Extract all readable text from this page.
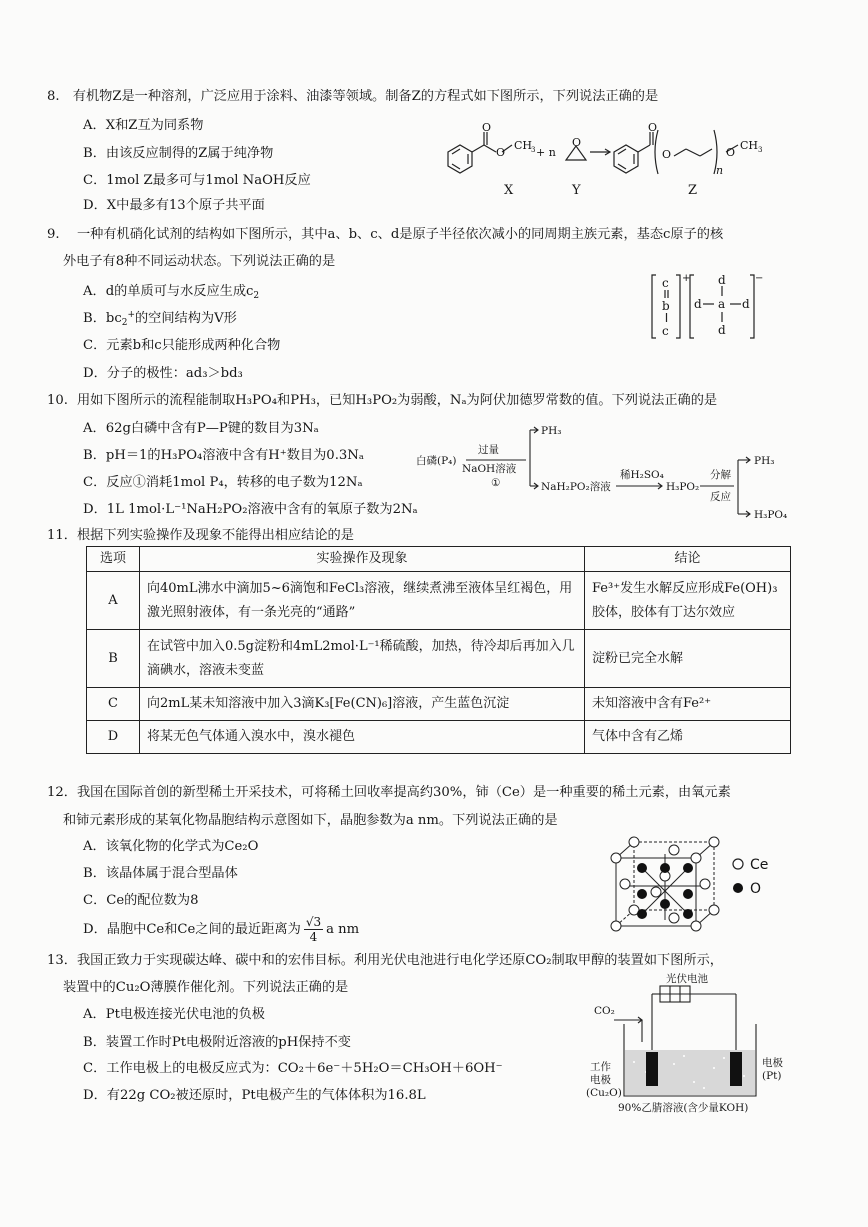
8.　有机物Z是一种溶剂，广泛应用于涂料、油漆等领域。制备Z的方程式如下图所示，下列说法正确的是
A．X和Z互为同系物
B．由该反应制得的Z属于纯净物
C．1mol Z最多可与1mol NaOH反应
D．X中最多有13个原子共平面
O
O
CH
3 + n
O
O
O
n
O
CH 3
X	Y	Z
9. 一种有机硝化试剂的结构如下图所示，其中a、b、c、d是原子半径依次减小的同周期主族元素，基态c原子的核
外电子有8种不同运动状态。下列说法正确的是
A．d的单质可与水反应生成$c_2$
B．$bc_2^+$的空间结构为V形
C．元素b和c只能形成两种化合物
D．分子的极性：ad₃＞bd₃
c
b
c
+ d
d a d
d
−
10. 用如下图所示的流程能制取H₃PO₄和PH₃，已知H₃PO₂为弱酸，Nₐ为阿伏加德罗常数的值。下列说法正确的是
A．62g白磷中含有P—P键的数目为3Nₐ
B．pH＝1的H₃PO₄溶液中含有H⁺数目为0.3Nₐ
C．反应①消耗1mol P₄，转移的电子数为12Nₐ
D．1L 1mol·L⁻¹NaH₂PO₂溶液中含有的氧原子数为2Nₐ
白磷(P₄)
过量
NaOH溶液
①
PH₃
NaH₂PO₂溶液
稀H₂SO₄
H₃PO₂
分解
反应
PH₃
H₃PO₄
11．根据下列实验操作及现象不能得出相应结论的是
选项	实验操作及现象	结论
A	向40mL沸水中滴加5~6滴饱和FeCl₃溶液，继续煮沸至液体呈红褐色，用激光照射液体，有一条光亮的“通路”	Fe³⁺发生水解反应形成Fe(OH)₃胶体，胶体有丁达尔效应
B	在试管中加入0.5g淀粉和4mL2mol·L⁻¹稀硫酸，加热，待冷却后再加入几滴碘水，溶液未变蓝	淀粉已完全水解
C	向2mL某未知溶液中加入3滴K₃[Fe(CN)₆]溶液，产生蓝色沉淀	未知溶液中含有Fe²⁺
D	将某无色气体通入溴水中，溴水褪色	气体中含有乙烯
12．我国在国际首创的新型稀土开采技术，可将稀土回收率提高约30%，铈（Ce）是一种重要的稀土元素，由氧元素
和铈元素形成的某氧化物晶胞结构示意图如下，晶胞参数为a nm。下列说法正确的是
A．该氧化物的化学式为Ce₂O
B．该晶体属于混合型晶体
C．Ce的配位数为8
D．晶胞中Ce和Ce之间的最近距离为 $\frac{√3}{4}$ a nm
Ce
O
13．我国正致力于实现碳达峰、碳中和的宏伟目标。利用光伏电池进行电化学还原CO₂制取甲醇的装置如下图所示，
装置中的Cu₂O薄膜作催化剂。下列说法正确的是
A．Pt电极连接光伏电池的负极
B．装置工作时Pt电极附近溶液的pH保持不变
C．工作电极上的电极反应式为：CO₂＋6e⁻＋5H₂O＝CH₃OH＋6OH⁻
D．有22g CO₂被还原时，Pt电极产生的气体体积为16.8L
光伏电池
CO₂
工作
电极
(Cu₂O)
电极
(Pt)
90%乙腈溶液(含少量KOH)
